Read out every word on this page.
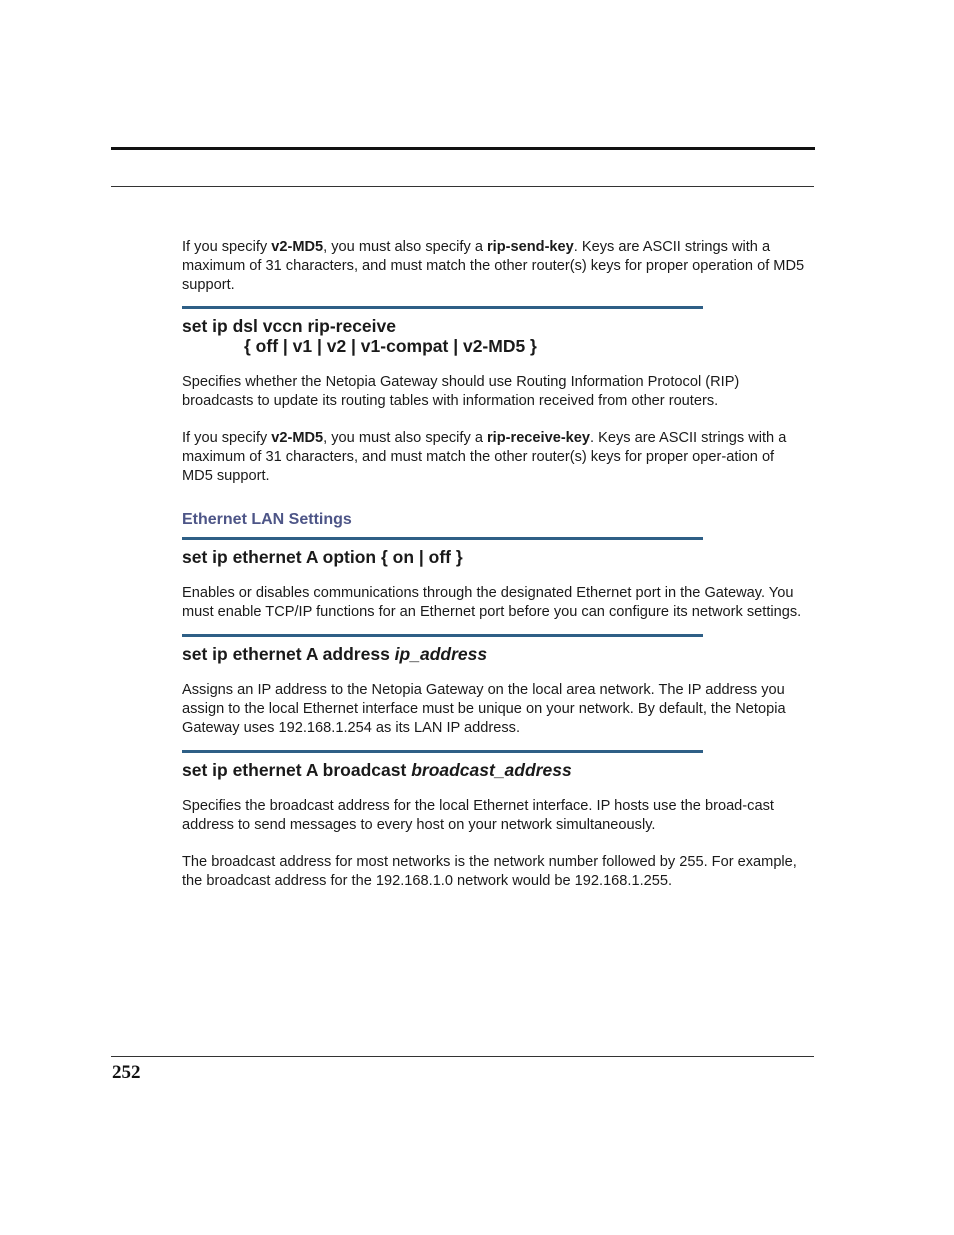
If you specify v2-MD5, you must also specify a rip-send-key. Keys are ASCII strings with a maximum of 31 characters, and must match the other router(s) keys for proper operation of MD5 support.

set ip dsl vccn rip-receive
{ off | v1 | v2 | v1-compat | v2-MD5 }

Specifies whether the Netopia Gateway should use Routing Information Protocol (RIP) broadcasts to update its routing tables with information received from other routers.

If you specify v2-MD5, you must also specify a rip-receive-key. Keys are ASCII strings with a maximum of 31 characters, and must match the other router(s) keys for proper oper-ation of MD5 support.

Ethernet LAN Settings
set ip ethernet A option { on | off }

Enables or disables communications through the designated Ethernet port in the Gateway. You must enable TCP/IP functions for an Ethernet port before you can configure its network settings.

set ip ethernet A address ip_address

Assigns an IP address to the Netopia Gateway on the local area network. The IP address you assign to the local Ethernet interface must be unique on your network. By default, the Netopia Gateway uses 192.168.1.254 as its LAN IP address.

set ip ethernet A broadcast broadcast_address

Specifies the broadcast address for the local Ethernet interface. IP hosts use the broad-cast address to send messages to every host on your network simultaneously.

The broadcast address for most networks is the network number followed by 255. For example, the broadcast address for the 192.168.1.0 network would be 192.168.1.255.

252
